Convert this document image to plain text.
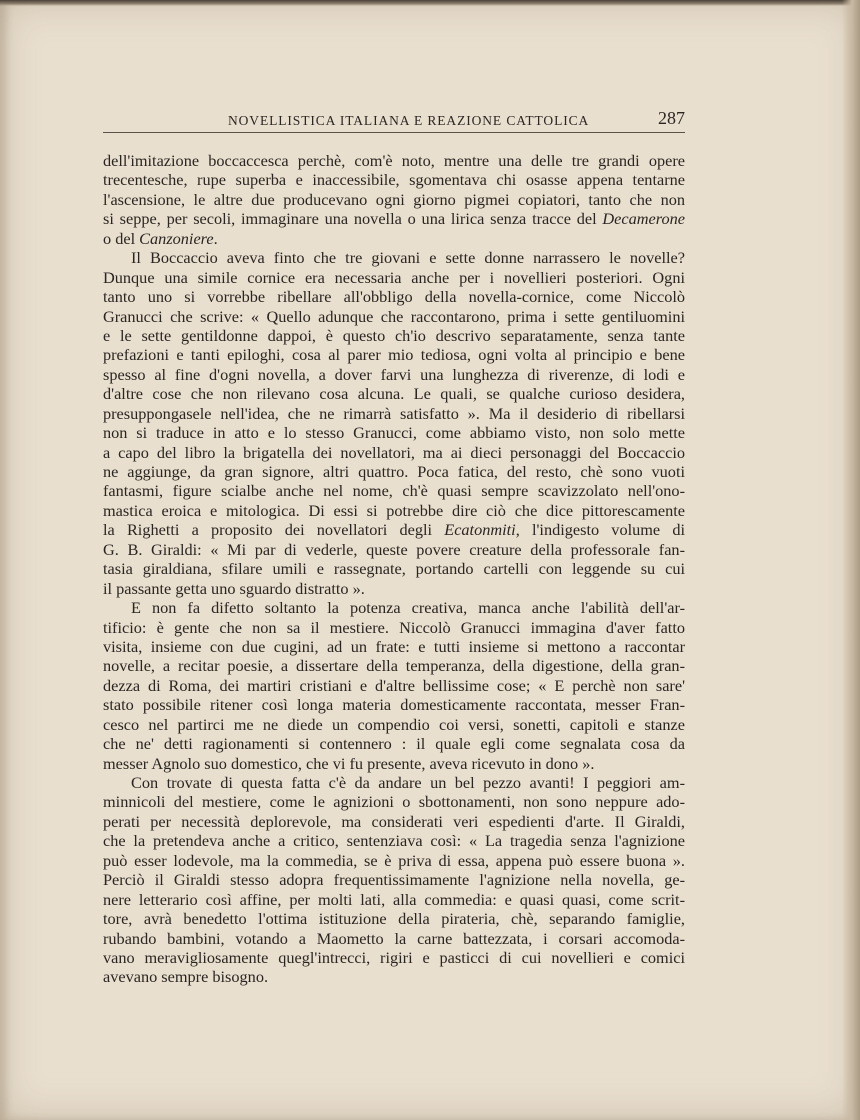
NOVELLISTICA ITALIANA E REAZIONE CATTOLICA	287
dell'imitazione boccaccesca perchè, com'è noto, mentre una delle tre grandi opere
trecentesche, rupe superba e inaccessibile, sgomentava chi osasse appena tentarne
l'ascensione, le altre due producevano ogni giorno pigmei copiatori, tanto che non
si seppe, per secoli, immaginare una novella o una lirica senza tracce del Decamerone
o del Canzoniere.
Il Boccaccio aveva finto che tre giovani e sette donne narrassero le novelle?
Dunque una simile cornice era necessaria anche per i novellieri posteriori. Ogni
tanto uno si vorrebbe ribellare all'obbligo della novella-cornice, come Niccolò
Granucci che scrive: « Quello adunque che raccontarono, prima i sette gentiluomini
e le sette gentildonne dappoi, è questo ch'io descrivo separatamente, senza tante
prefazioni e tanti epiloghi, cosa al parer mio tediosa, ogni volta al principio e bene
spesso al fine d'ogni novella, a dover farvi una lunghezza di riverenze, di lodi e
d'altre cose che non rilevano cosa alcuna. Le quali, se qualche curioso desidera,
presuppongasele nell'idea, che ne rimarrà satisfatto ». Ma il desiderio di ribellarsi
non si traduce in atto e lo stesso Granucci, come abbiamo visto, non solo mette
a capo del libro la brigatella dei novellatori, ma ai dieci personaggi del Boccaccio
ne aggiunge, da gran signore, altri quattro. Poca fatica, del resto, chè sono vuoti
fantasmi, figure scialbe anche nel nome, ch'è quasi sempre scavizzolato nell'ono-
mastica eroica e mitologica. Di essi si potrebbe dire ciò che dice pittorescamente
la Righetti a proposito dei novellatori degli Ecatonmiti, l'indigesto volume di
G. B. Giraldi: « Mi par di vederle, queste povere creature della professorale fan-
tasia giraldiana, sfilare umili e rassegnate, portando cartelli con leggende su cui
il passante getta uno sguardo distratto ».
E non fa difetto soltanto la potenza creativa, manca anche l'abilità dell'ar-
tificio: è gente che non sa il mestiere. Niccolò Granucci immagina d'aver fatto
visita, insieme con due cugini, ad un frate: e tutti insieme si mettono a raccontar
novelle, a recitar poesie, a dissertare della temperanza, della digestione, della gran-
dezza di Roma, dei martiri cristiani e d'altre bellissime cose; « E perchè non sare'
stato possibile ritener così longa materia domesticamente raccontata, messer Fran-
cesco nel partirci me ne diede un compendio coi versi, sonetti, capitoli e stanze
che ne' detti ragionamenti si contennero : il quale egli come segnalata cosa da
messer Agnolo suo domestico, che vi fu presente, aveva ricevuto in dono ».
Con trovate di questa fatta c'è da andare un bel pezzo avanti! I peggiori am-
minnicoli del mestiere, come le agnizioni o sbottonamenti, non sono neppure ado-
perati per necessità deplorevole, ma considerati veri espedienti d'arte. Il Giraldi,
che la pretendeva anche a critico, sentenziava così: « La tragedia senza l'agnizione
può esser lodevole, ma la commedia, se è priva di essa, appena può essere buona ».
Perciò il Giraldi stesso adopra frequentissimamente l'agnizione nella novella, ge-
nere letterario così affine, per molti lati, alla commedia: e quasi quasi, come scrit-
tore, avrà benedetto l'ottima istituzione della pirateria, chè, separando famiglie,
rubando bambini, votando a Maometto la carne battezzata, i corsari accomoda-
vano meravigliosamente quegl'intrecci, rigiri e pasticci di cui novellieri e comici
avevano sempre bisogno.
